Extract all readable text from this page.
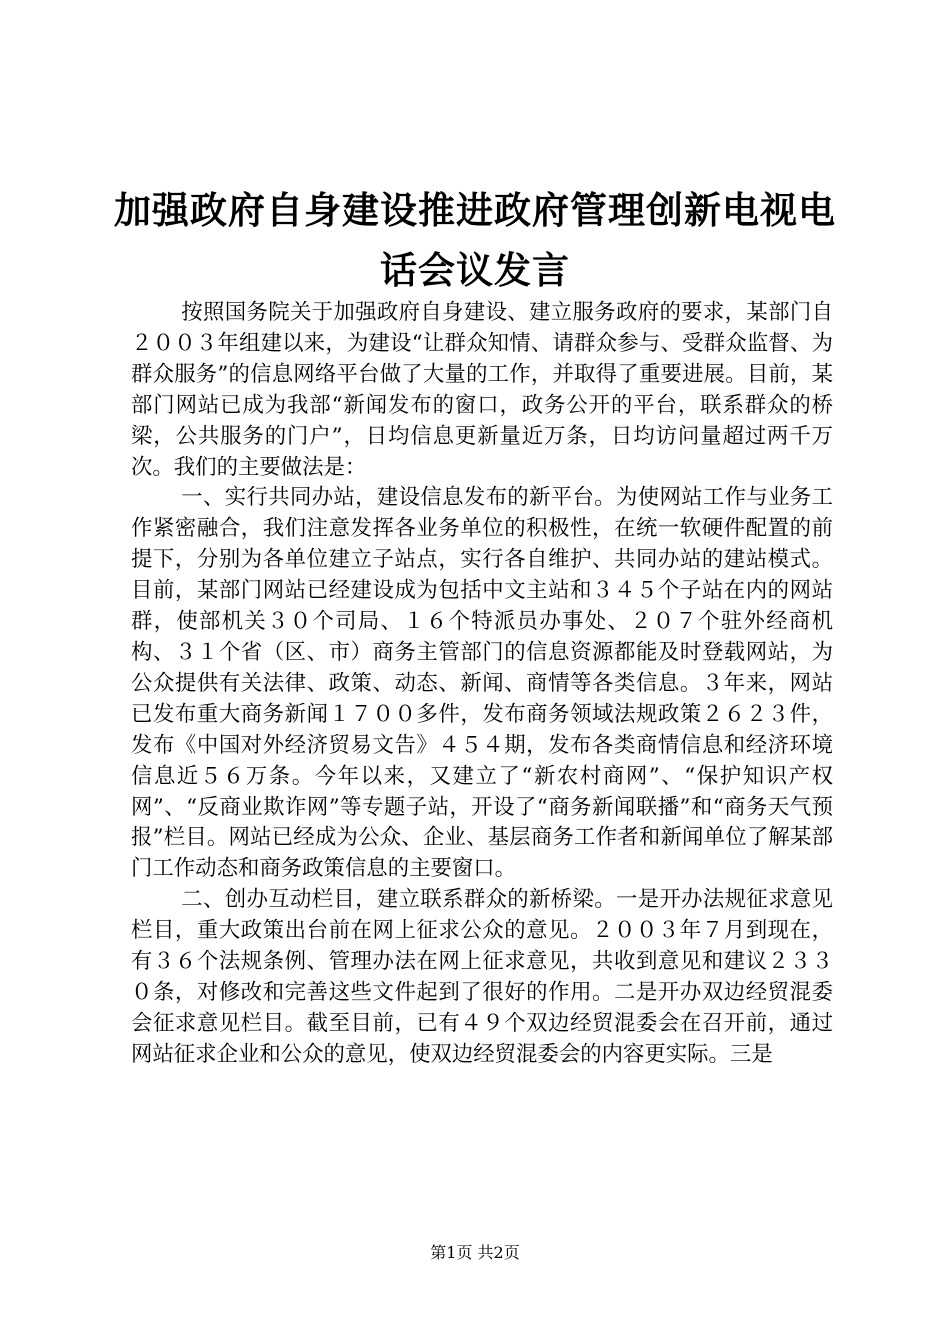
加强政府自身建设推进政府管理创新电视电话会议发言

按照国务院关于加强政府自身建设、建立服务政府的要求，某部门自２００３年组建以来，为建设“让群众知情、请群众参与、受群众监督、为群众服务”的信息网络平台做了大量的工作，并取得了重要进展。目前，某部门网站已成为我部“新闻发布的窗口，政务公开的平台，联系群众的桥梁，公共服务的门户”，日均信息更新量近万条，日均访问量超过两千万次。我们的主要做法是：

一、实行共同办站，建设信息发布的新平台。为使网站工作与业务工作紧密融合，我们注意发挥各业务单位的积极性，在统一软硬件配置的前提下，分别为各单位建立子站点，实行各自维护、共同办站的建站模式。目前，某部门网站已经建设成为包括中文主站和３４５个子站在内的网站群，使部机关３０个司局、１６个特派员办事处、２０７个驻外经商机构、３１个省（区、市）商务主管部门的信息资源都能及时登载网站，为公众提供有关法律、政策、动态、新闻、商情等各类信息。３年来，网站已发布重大商务新闻１７００多件，发布商务领域法规政策２６２３件，发布《中国对外经济贸易文告》４５４期，发布各类商情信息和经济环境信息近５６万条。今年以来，又建立了“新农村商网”、“保护知识产权网”、“反商业欺诈网”等专题子站，开设了“商务新闻联播”和“商务天气预报”栏目。网站已经成为公众、企业、基层商务工作者和新闻单位了解某部门工作动态和商务政策信息的主要窗口。

二、创办互动栏目，建立联系群众的新桥梁。一是开办法规征求意见栏目，重大政策出台前在网上征求公众的意见。２００３年７月到现在，有３６个法规条例、管理办法在网上征求意见，共收到意见和建议２３３０条，对修改和完善这些文件起到了很好的作用。二是开办双边经贸混委会征求意见栏目。截至目前，已有４９个双边经贸混委会在召开前，通过网站征求企业和公众的意见，使双边经贸混委会的内容更实际。三是

第1页 共2页
